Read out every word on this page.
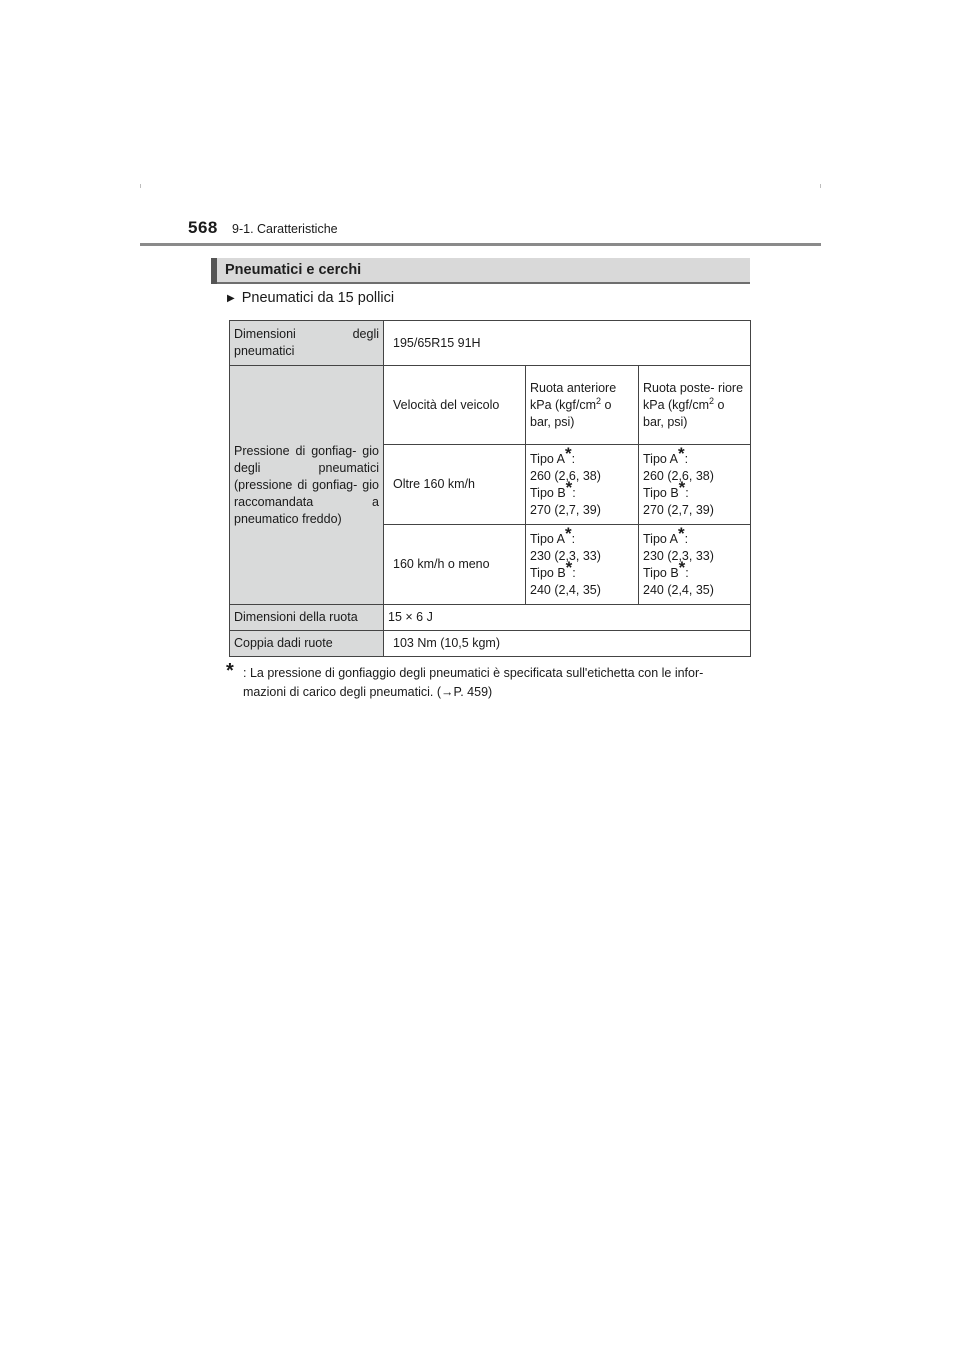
568 9-1. Caratteristiche
Pneumatici e cerchi
▶ Pneumatici da 15 pollici
Dimensioni degli pneumatici	195/65R15 91H		
Pressione di gonfiag- gio degli pneumatici (pressione di gonfiag- gio raccomandata a pneumatico freddo)	Velocità del veicolo	Ruota anteriore kPa ($kgf/cm^2$ o bar, psi)	Ruota poste- riore kPa ($kgf/cm^2$ o bar, psi)
	Oltre 160 km/h	Tipo A*:
260 (2,6, 38)
Tipo B*:
270 (2,7, 39)	Tipo A*:
260 (2,6, 38)
Tipo B*:
270 (2,7, 39)
	160 km/h o meno	Tipo A*:
230 (2,3, 33)
Tipo B*:
240 (2,4, 35)	Tipo A*:
230 (2,3, 33)
Tipo B*:
240 (2,4, 35)
Dimensioni della ruota	15 × 6 J		
Coppia dadi ruote	103 Nm (10,5 kgm)		
* : La pressione di gonfiaggio degli pneumatici è specificata sull'etichetta con le infor-
mazioni di carico degli pneumatici. (→P. 459)
